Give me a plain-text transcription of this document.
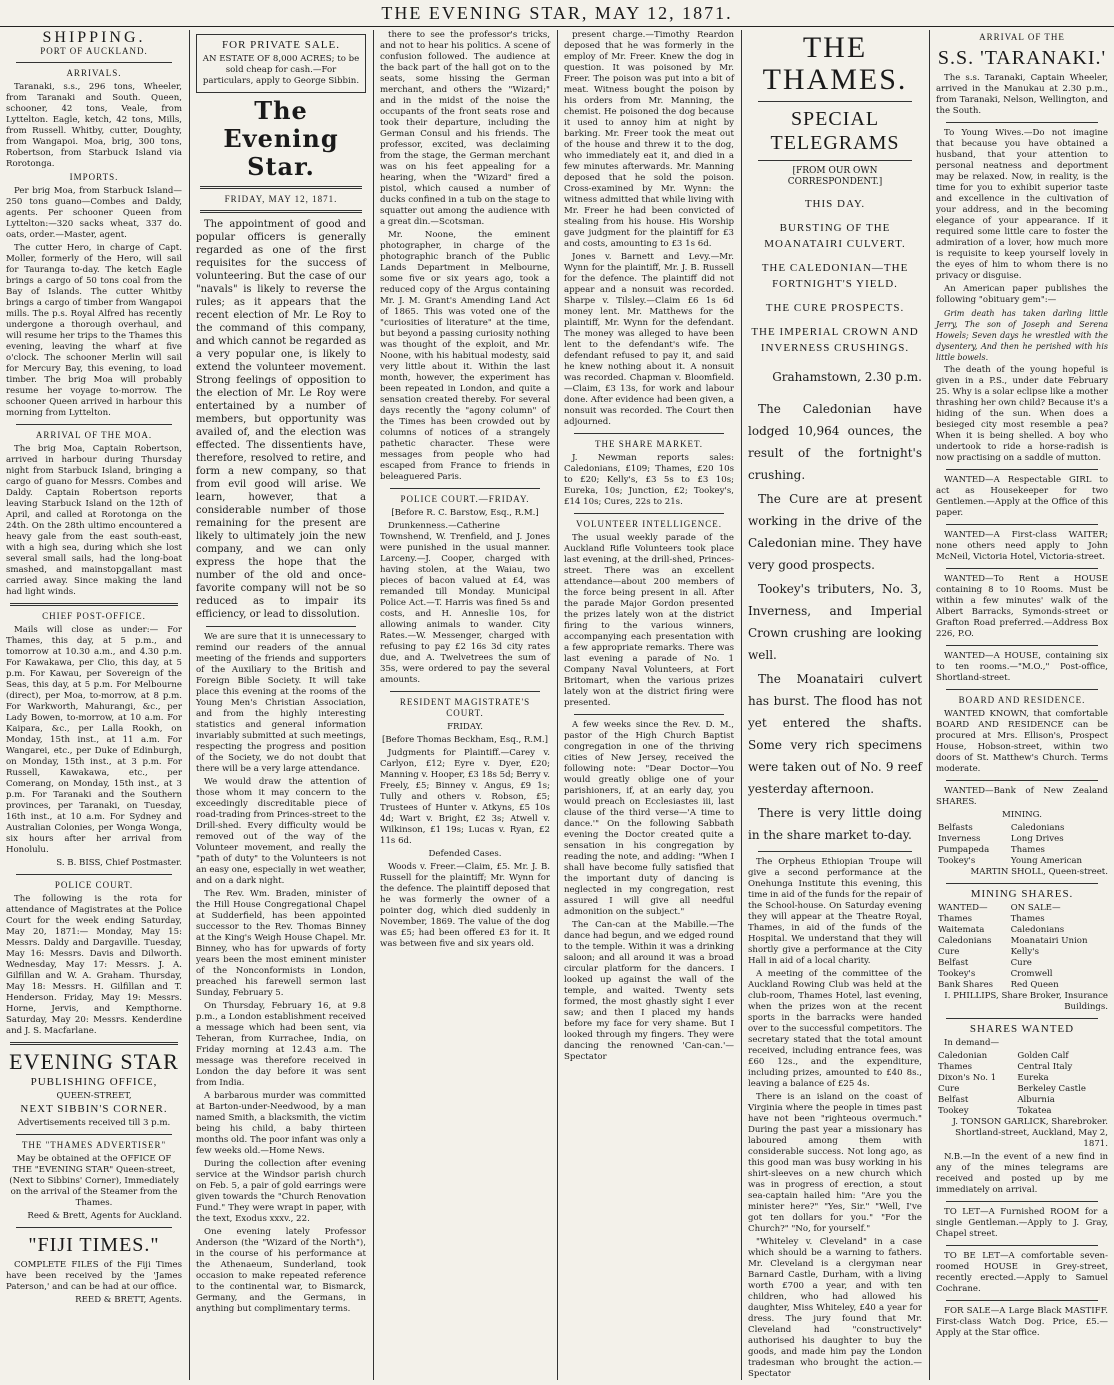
THE EVENING STAR, MAY 12, 1871.
SHIPPING.
PORT OF AUCKLAND.
ARRIVALS.

Taranaki, s.s., 296 tons, Wheeler, from Taranaki and South. Queen, schooner, 42 tons, Veale, from Lyttelton. Eagle, ketch, 42 tons, Mills, from Russell. Whitby, cutter, Doughty, from Wangapoi. Moa, brig, 300 tons, Robertson, from Starbuck Island via Rorotonga.

IMPORTS.

Per brig Moa, from Starbuck Island—250 tons guano—Combes and Daldy, agents. Per schooner Queen from Lyttelton:—320 sacks wheat, 337 do. oats, order.—Master, agent.

The cutter Hero, in charge of Capt. Moller, formerly of the Hero, will sail for Tauranga to-day. The ketch Eagle brings a cargo of 50 tons coal from the Bay of Islands. The cutter Whitby brings a cargo of timber from Wangapoi mills. The p.s. Royal Alfred has recently undergone a thorough overhaul, and will resume her trips to the Thames this evening, leaving the wharf at five o'clock. The schooner Merlin will sail for Mercury Bay, this evening, to load timber. The brig Moa will probably resume her voyage to-morrow. The schooner Queen arrived in harbour this morning from Lyttelton.

ARRIVAL OF THE MOA.

The brig Moa, Captain Robertson, arrived in harbour during Thursday night from Starbuck Island, bringing a cargo of guano for Messrs. Combes and Daldy. Captain Robertson reports leaving Starbuck Island on the 12th of April, and called at Rorotonga on the 24th. On the 28th ultimo encountered a heavy gale from the east south-east, with a high sea, during which she lost several small sails, had the long-boat smashed, and mainstopgallant mast carried away. Since making the land had light winds.

CHIEF POST-OFFICE.

Mails will close as under:— For Thames, this day, at 5 p.m., and tomorrow at 10.30 a.m., and 4.30 p.m. For Kawakawa, per Clio, this day, at 5 p.m. For Kawau, per Sovereign of the Seas, this day, at 5 p.m. For Melbourne (direct), per Moa, to-morrow, at 8 p.m. For Warkworth, Mahurangi, &c., per Lady Bowen, to-morrow, at 10 a.m. For Kaipara, &c., per Lalla Rookh, on Monday, 15th inst., at 11 a.m. For Wangarei, etc., per Duke of Edinburgh, on Monday, 15th inst., at 3 p.m. For Russell, Kawakawa, etc., per Comerang, on Monday, 15th inst., at 3 p.m. For Taranaki and the Southern provinces, per Taranaki, on Tuesday, 16th inst., at 10 a.m. For Sydney and Australian Colonies, per Wonga Wonga, six hours after her arrival from Honolulu.

S. B. BISS, Chief Postmaster.

POLICE COURT.

The following is the rota for attendance of Magistrates at the Police Court for the week ending Saturday, May 20, 1871:— Monday, May 15: Messrs. Daldy and Dargaville. Tuesday, May 16: Messrs. Davis and Dilworth. Wednesday, May 17: Messrs. J. A. Gilfillan and W. A. Graham. Thursday, May 18: Messrs. H. Gilfillan and T. Henderson. Friday, May 19: Messrs. Horne, Jervis, and Kempthorne. Saturday, May 20: Messrs. Kenderdine and J. S. Macfarlane.

EVENING STAR
PUBLISHING OFFICE,

QUEEN-STREET,

NEXT SIBBIN'S CORNER.

Advertisements received till 3 p.m.

THE "THAMES ADVERTISER"

May be obtained at the OFFICE OF THE "EVENING STAR" Queen-street, (Next to Sibbins' Corner), Immediately on the arrival of the Steamer from the Thames.

Reed & Brett, Agents for Auckland.

"FIJI TIMES."

COMPLETE FILES of the Fiji Times have been received by the 'James Paterson,' and can be had at our office.

REED & BRETT, Agents.

FOR PRIVATE SALE.

AN ESTATE OF 8,000 ACRES; to be sold cheap for cash.—For particulars, apply to George Sibbin.

The Evening Star.
FRIDAY, MAY 12, 1871.

The appointment of good and popular officers is generally regarded as one of the first requisites for the success of volunteering. But the case of our "navals" is likely to reverse the rules; as it appears that the recent election of Mr. Le Roy to the command of this company, and which cannot be regarded as a very popular one, is likely to extend the volunteer movement. Strong feelings of opposition to the election of Mr. Le Roy were entertained by a number of members, but opportunity was availed of, and the election was effected. The dissentients have, therefore, resolved to retire, and form a new company, so that from evil good will arise. We learn, however, that a considerable number of those remaining for the present are likely to ultimately join the new company, and we can only express the hope that the number of the old and once-favorite company will not be so reduced as to impair its efficiency, or lead to dissolution.

We are sure that it is unnecessary to remind our readers of the annual meeting of the friends and supporters of the Auxiliary to the British and Foreign Bible Society. It will take place this evening at the rooms of the Young Men's Christian Association, and from the highly interesting statistics and general information invariably submitted at such meetings, respecting the progress and position of the Society, we do not doubt that there will be a very large attendance.

We would draw the attention of those whom it may concern to the exceedingly discreditable piece of road-trading from Princes-street to the Drill-shed. Every difficulty would be removed out of the way of the Volunteer movement, and really the "path of duty" to the Volunteers is not an easy one, especially in wet weather, and on a dark night.

The Rev. Wm. Braden, minister of the Hill House Congregational Chapel at Sudderfield, has been appointed successor to the Rev. Thomas Binney at the King's Weigh House Chapel. Mr. Binney, who has for upwards of forty years been the most eminent minister of the Nonconformists in London, preached his farewell sermon last Sunday, February 5.

On Thursday, February 16, at 9.8 p.m., a London establishment received a message which had been sent, via Teheran, from Kurrachee, India, on Friday morning at 12.43 a.m. The message was therefore received in London the day before it was sent from India.

A barbarous murder was committed at Barton-under-Needwood, by a man named Smith, a blacksmith, the victim being his child, a baby thirteen months old. The poor infant was only a few weeks old.—Home News.

During the collection after evening service at the Windsor parish church on Feb. 5, a pair of gold earrings were given towards the "Church Renovation Fund." They were wrapt in paper, with the text, Exodus xxxv., 22.

One evening lately Professor Anderson (the "Wizard of the North"), in the course of his performance at the Athenaeum, Sunderland, took occasion to make repeated reference to the continental war, to Bismarck, Germany, and the Germans, in anything but complimentary terms.

there to see the professor's tricks, and not to hear his politics. A scene of confusion followed. The audience at the back part of the hall got on to the seats, some hissing the German merchant, and others the "Wizard;" and in the midst of the noise the occupants of the front seats rose and took their departure, including the German Consul and his friends. The professor, excited, was declaiming from the stage, the German merchant was on his feet appealing for a hearing, when the "Wizard" fired a pistol, which caused a number of ducks confined in a tub on the stage to squatter out among the audience with a great din.—Scotsman.

Mr. Noone, the eminent photographer, in charge of the photographic branch of the Public Lands Department in Melbourne, some five or six years ago, took a reduced copy of the Argus containing Mr. J. M. Grant's Amending Land Act of 1865. This was voted one of the "curiosities of literature" at the time, but beyond a passing curiosity nothing was thought of the exploit, and Mr. Noone, with his habitual modesty, said very little about it. Within the last month, however, the experiment has been repeated in London, and quite a sensation created thereby. For several days recently the "agony column" of the Times has been crowded out by columns of notices of a strangely pathetic character. These were messages from people who had escaped from France to friends in beleaguered Paris.

POLICE COURT.—FRIDAY.

[Before R. C. Barstow, Esq., R.M.]

Drunkenness.—Catherine Townshend, W. Trenfield, and J. Jones were punished in the usual manner. Larceny.—J. Cooper, charged with having stolen, at the Waiau, two pieces of bacon valued at £4, was remanded till Monday. Municipal Police Act.—T. Harris was fined 5s and costs, and H. Anneslie 10s, for allowing animals to wander. City Rates.—W. Messenger, charged with refusing to pay £2 16s 3d city rates due, and A. Twelvetrees the sum of 35s, were ordered to pay the several amounts.

RESIDENT MAGISTRATE'S COURT.

FRIDAY.

[Before Thomas Beckham, Esq., R.M.]

Judgments for Plaintiff.—Carey v. Carlyon, £12; Eyre v. Dyer, £20; Manning v. Hooper, £3 18s 5d; Berry v. Freely, £5; Binney v. Angus, £9 1s; Tully and others v. Robson, £5; Trustees of Hunter v. Atkyns, £5 10s 4d; Wart v. Bright, £2 3s; Atwell v. Wilkinson, £1 19s; Lucas v. Ryan, £2 11s 6d.

Defended Cases.

Woods v. Freer.—Claim, £5. Mr. J. B. Russell for the plaintiff; Mr. Wynn for the defence. The plaintiff deposed that he was formerly the owner of a pointer dog, which died suddenly in November, 1869. The value of the dog was £5; had been offered £3 for it. It was between five and six years old.

present charge.—Timothy Reardon deposed that he was formerly in the employ of Mr. Freer. Knew the dog in question. It was poisoned by Mr. Freer. The poison was put into a bit of meat. Witness bought the poison by his orders from Mr. Manning, the chemist. He poisoned the dog because it used to annoy him at night by barking. Mr. Freer took the meat out of the house and threw it to the dog, who immediately eat it, and died in a few minutes afterwards. Mr. Manning deposed that he sold the poison. Cross-examined by Mr. Wynn: the witness admitted that while living with Mr. Freer he had been convicted of stealing from his house. His Worship gave judgment for the plaintiff for £3 and costs, amounting to £3 1s 6d.

Jones v. Barnett and Levy.—Mr. Wynn for the plaintiff, Mr. J. B. Russell for the defence. The plaintiff did not appear and a nonsuit was recorded. Sharpe v. Tilsley.—Claim £6 1s 6d money lent. Mr. Matthews for the plaintiff, Mr. Wynn for the defendant. The money was alleged to have been lent to the defendant's wife. The defendant refused to pay it, and said he knew nothing about it. A nonsuit was recorded. Chapman v. Bloomfield.—Claim, £3 13s, for work and labour done. After evidence had been given, a nonsuit was recorded. The Court then adjourned.

THE SHARE MARKET.

J. Newman reports sales: Caledonians, £109; Thames, £20 10s to £20; Kelly's, £3 5s to £3 10s; Eureka, 10s; Junction, £2; Tookey's, £14 10s; Cures, 22s to 21s.

VOLUNTEER INTELLIGENCE.

The usual weekly parade of the Auckland Rifle Volunteers took place last evening, at the drill-shed, Princes-street. There was an excellent attendance—about 200 members of the force being present in all. After the parade Major Gordon presented the prizes lately won at the district firing to the various winners, accompanying each presentation with a few appropriate remarks. There was last evening a parade of No. 1 Company Naval Volunteers, at Fort Britomart, when the various prizes lately won at the district firing were presented.

A few weeks since the Rev. D. M., pastor of the High Church Baptist congregation in one of the thriving cities of New Jersey, received the following note: "Dear Doctor—You would greatly oblige one of your parishioners, if, at an early day, you would preach on Ecclesiastes iii, last clause of the third verse—'A time to dance.'" On the following Sabbath evening the Doctor created quite a sensation in his congregation by reading the note, and adding: "When I shall have become fully satisfied that the important duty of dancing is neglected in my congregation, rest assured I will give all needful admonition on the subject."

The Can-can at the Mabille.—The dance had begun, and we edged round to the temple. Within it was a drinking saloon; and all around it was a broad circular platform for the dancers. I looked up against the wall of the temple, and waited. Twenty sets formed, the most ghastly sight I ever saw; and then I placed my hands before my face for very shame. But I looked through my fingers. They were dancing the renowned 'Can-can.'—Spectator

THE THAMES.
SPECIAL TELEGRAMS

[FROM OUR OWN CORRESPONDENT.]

THIS DAY.
BURSTING OF THE MOANATAIRI CULVERT.
THE CALEDONIAN—THE FORTNIGHT'S YIELD.
THE CURE PROSPECTS.
THE IMPERIAL CROWN AND INVERNESS CRUSHINGS.

Grahamstown, 2.30 p.m.

The Caledonian have lodged 10,964 ounces, the result of the fortnight's crushing.

The Cure are at present working in the drive of the Caledonian mine. They have very good prospects.

Tookey's tributers, No. 3, Inverness, and Imperial Crown crushing are looking well.

The Moanatairi culvert has burst. The flood has not yet entered the shafts. Some very rich specimens were taken out of No. 9 reef yesterday afternoon.

There is very little doing in the share market to-day.

The Orpheus Ethiopian Troupe will give a second performance at the Onehunga Institute this evening, this time in aid of the funds for the repair of the School-house. On Saturday evening they will appear at the Theatre Royal, Thames, in aid of the funds of the Hospital. We understand that they will shortly give a performance at the City Hall in aid of a local charity.

A meeting of the committee of the Auckland Rowing Club was held at the club-room, Thames Hotel, last evening, when the prizes won at the recent sports in the barracks were handed over to the successful competitors. The secretary stated that the total amount received, including entrance fees, was £60 12s., and the expenditure, including prizes, amounted to £40 8s., leaving a balance of £25 4s.

There is an island on the coast of Virginia where the people in times past have not been "righteous overmuch." During the past year a missionary has laboured among them with considerable success. Not long ago, as this good man was busy working in his shirt-sleeves on a new church which was in progress of erection, a stout sea-captain hailed him: "Are you the minister here?" "Yes, Sir." "Well, I've got ten dollars for you." "For the Church?" "No, for yourself."

"Whiteley v. Cleveland" in a case which should be a warning to fathers. Mr. Cleveland is a clergyman near Barnard Castle, Durham, with a living worth £700 a year, and with ten children, who had allowed his daughter, Miss Whiteley, £40 a year for dress. The jury found that Mr. Cleveland had "constructively" authorised his daughter to buy the goods, and made him pay the London tradesman who brought the action.—Spectator

ARRIVAL OF THE
S.S. 'TARANAKI.'

The s.s. Taranaki, Captain Wheeler, arrived in the Manukau at 2.30 p.m., from Taranaki, Nelson, Wellington, and the South.

To Young Wives.—Do not imagine that because you have obtained a husband, that your attention to personal neatness and deportment may be relaxed. Now, in reality, is the time for you to exhibit superior taste and excellence in the cultivation of your address, and in the becoming elegance of your appearance. If it required some little care to foster the admiration of a lover, how much more is requisite to keep yourself lovely in the eyes of him to whom there is no privacy or disguise.

An American paper publishes the following "obituary gem":—

Grim death has taken darling little Jerry, The son of Joseph and Serena Howels; Seven days he wrestled with the dysentery, And then he perished with his little bowels.

The death of the young hopeful is given in a P.S., under date February 25. Why is a solar eclipse like a mother thrashing her own child? Because it's a hiding of the sun. When does a besieged city most resemble a pea? When it is being shelled. A boy who undertook to ride a horse-radish is now practising on a saddle of mutton.

WANTED—A Respectable GIRL to act as Housekeeper for two Gentlemen.—Apply at the Office of this paper.

WANTED—A First-class WAITER; none others need apply to John McNeil, Victoria Hotel, Victoria-street.

WANTED—To Rent a HOUSE containing 8 to 10 Rooms. Must be within a few minutes' walk of the Albert Barracks, Symonds-street or Grafton Road preferred.—Address Box 226, P.O.

WANTED—A HOUSE, containing six to ten rooms.—"M.O.," Post-office, Shortland-street.

BOARD AND RESIDENCE.

WANTED KNOWN, that comfortable BOARD AND RESIDENCE can be procured at Mrs. Ellison's, Prospect House, Hobson-street, within two doors of St. Matthew's Church. Terms moderate.

WANTED—Bank of New Zealand SHARES.

MINING.

Belfasts	Caledonians
Inverness	Long Drives
Pumpapeda	Thames
Tookey's	Young American

MARTIN SHOLL, Queen-street.

MINING SHARES.
WANTED—	ON SALE—
Thames	Thames
Waitemata	Caledonians
Caledonians	Moanatairi Union
Cure	Kelly's
Belfast	Cure
Tookey's	Cromwell
Bank Shares	Red Queen

I. PHILLIPS, Share Broker, Insurance Buildings.

SHARES WANTED

In demand—

Caledonian	Golden Calf
Thames	Central Italy
Dixon's No. 1	Eureka
Cure	Berkeley Castle
Belfast	Alburnia
Tookey	Tokatea

J. TONSON GARLICK, Sharebroker. Shortland-street, Auckland, May 2, 1871.

N.B.—In the event of a new find in any of the mines telegrams are received and posted up by me immediately on arrival.

TO LET—A Furnished ROOM for a single Gentleman.—Apply to J. Gray, Chapel street.

TO BE LET—A comfortable seven-roomed HOUSE in Grey-street, recently erected.—Apply to Samuel Cochrane.

FOR SALE—A Large Black MASTIFF. First-class Watch Dog. Price, £5.—Apply at the Star office.
